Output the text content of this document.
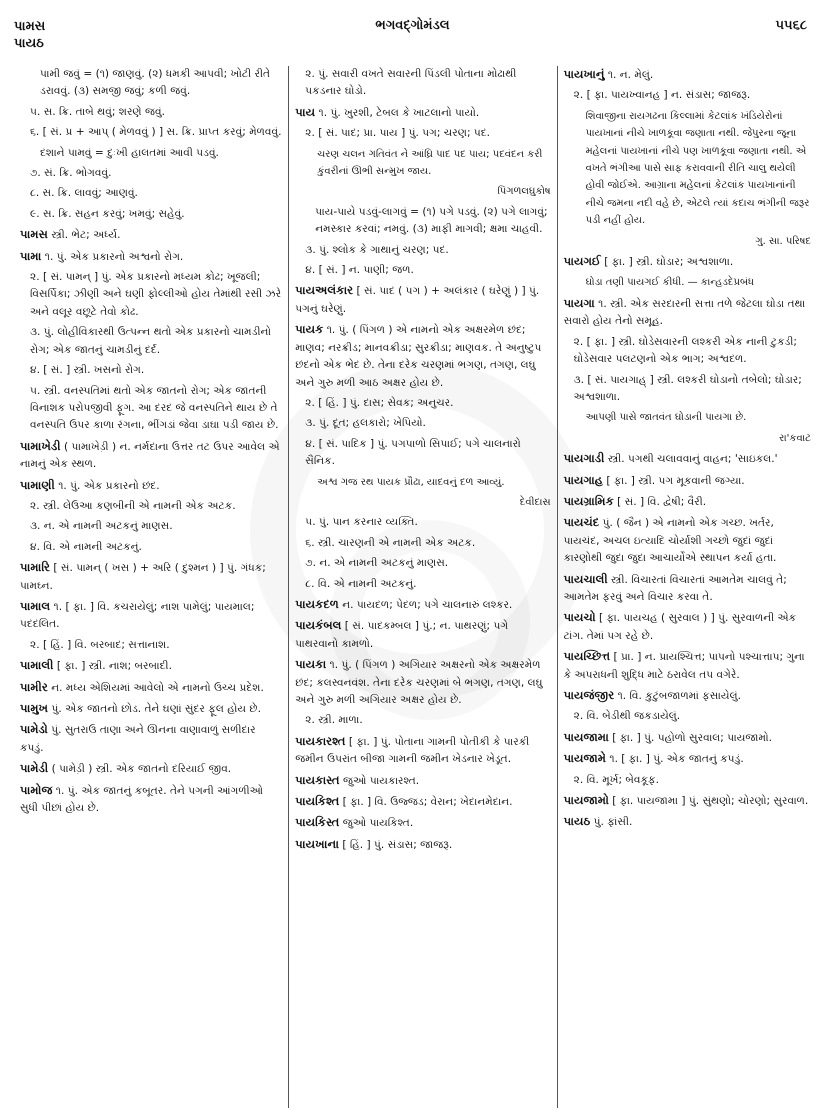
પામસ
પાયઠ
ભગવદ્ગોમંડલ	૫૫૬૮
પામી જવું = (૧) જાણવું. (૨) ધમકી આપવી; ખોટી રીતે ડરાવવું. (૩) સમજી જવું; કળી જવું.
૫. સ. ક્રિ. તાબે થવું; શરણે જવું.
૬. [ સં. પ્ર + આપ્ ( મેળવવું ) ] સ. ક્રિ. પ્રાપ્ત કરવું; મેળવવું.
દશાને પામવું = દુઃખી હાલતમાં આવી પડવું.
૭. સં. ક્રિ. ભોગવવું.
૮. સ. ક્રિ. લાવવું; આણવું.
૯. સ. ક્રિ. સહન કરવું; ખમવું; સહેવું.
પામસ સ્ત્રી. ભેટ; અર્ધ્ય.
પામા ૧. પું. એક પ્રકારનો અશ્વનો રોગ.
૨. [ સં. પામન્ ] પું. એક પ્રકારનો મધ્યમ કોઢ; ખૂજલી; વિસર્પિકા; ઝીણી અને ઘણી ફોલ્લીઓ હોય તેમાંથી રસી ઝરે અને વલૂર વછૂટે તેવો કોઢ.
૩. પું. લોહીવિકારથી ઉત્પન્ન થતો એક પ્રકારનો ચામડીનો રોગ; એક જાતનું ચામડીનું દર્દ.
૪. [ સં. ] સ્ત્રી. ખસનો રોગ.
૫. સ્ત્રી. વનસ્પતિમાં થતો એક જાતનો રોગ; એક જાતની વિનાશક પરોપજીવી ફૂગ. આ દરદ જે વનસ્પતિને થાય છે તે વનસ્પતિ ઉપર કાળા રંગના, ભીંગડાં જેવા ડાઘા પડી જાય છે.
પામાખેડી ( પામાખેડ઼ી ) ન. નર્મદાના ઉત્તર તટ ઉપર આવેલ એ નામનું એક સ્થળ.
પામાણી ૧. પું. એક પ્રકારનો છંદ.
૨. સ્ત્રી. લેઉઆ કણબીની એ નામની એક અટક.
૩. ન. એ નામની અટકનું માણસ.
૪. વિ. એ નામની અટકનું.
પામારિ [ સં. પામન્ ( ખસ ) + અરિ ( દુશ્મન ) ] પું. ગંધક; પામઘ્ન.
પામાલ ૧. [ ફા. ] વિ. કચરાયેલું; નાશ પામેલું; પાયમાલ; પદદલિત.
૨. [ હિં. ] વિ. બરબાદ; સત્તાનાશ.
પામાલી [ ફા. ] સ્ત્રી. નાશ; બરબાદી.
પામીર ન. મધ્ય એશિયમાં આવેલો એ નામનો ઉચ્ચ પ્રદેશ.
પામુખ પું. એક જાતનો છોડ. તેને ઘણાં સુંદર ફૂલ હોય છે.
પામેડો પું. સુતરાઉ તાણા અને ઊનના વાણાવાળું સળીદાર કપડું.
પામેડી ( પામેડ઼ી ) સ્ત્રી. એક જાતનો દરિયાઈ જીવ.
પામોજ ૧. પું. એક જાતનું કબૂતર. તેને પગની આંગળીઓ સુધી પીછાં હોય છે.
૨. પું. સવારી વખતે સવારની પિંડલી પોતાના મોઢાથી પકડનાર ઘોડો.
પાય ૧. પું. ખુરશી, ટેબલ કે ખાટલાનો પાયો.
૨. [ સં. પાદ; પ્રા. પાય ] પું. પગ; ચરણ; પદ.
ચરણ ચલન ગતિવંત ને આંઘ્રિ પાદ પદ પાય; પદવંદન કરી કુંવરીનાં ઊભી સન્મુખ જાય.
પિંગળલઘુકોષ
પાય-પાયે પડવું-લાગવું = (૧) પગે પડવું. (૨) પગે લાગવું; નમસ્કાર કરવાં; નમવું. (૩) માફી માગવી; ક્ષમા ચાહવી.
૩. પું. શ્લોક કે ગાથાનું ચરણ; પદ.
૪. [ સં. ] ન. પાણી; જળ.
પાયઅલંકાર [ સં. પાદ ( પગ ) + અલંકાર ( ઘરેણું ) ] પું. પગનું ઘરેણું.
પાયક ૧. પું. ( પિંગળ ) એ નામનો એક અક્ષરમેળ છંદ; માણવ; નરક્રીડ; માનવક્રીડા; સુરક્રીડા; માણવક. તે અનુષ્ટુપ છંદનો એક ભેદ છે. તેના દરેક ચરણમાં ભગણ, તગણ, લઘુ અને ગુરુ મળી આઠ અક્ષર હોય છે.
૨. [ હિં. ] પું. દાસ; સેવક; અનુચર.
૩. પું. દૂત; હલકારો; ખેપિયો.
૪. [ સં. પાદિક ] પું. પગપાળો સિપાઈ; પગે ચાલનારો સૈનિક.
અશ્વ ગજ રથ પાયક પ્રૌઢા, યાદવનું દળ આવ્યું.
દેવીદાસ
૫. પું. પાન કરનાર વ્યક્તિ.
૬. સ્ત્રી. ચારણની એ નામની એક અટક.
૭. ન. એ નામની અટકનું માણસ.
૮. વિ. એ નામની અટકનું.
પાયકદળ ન. પાયદળ; પેદળ; પગે ચાલનારું લશ્કર.
પાયકંબલ [ સં. પાદકમ્બલ ] પું.; ન. પાથરણું; પગે પાથરવાનો કામળો.
પાયકા ૧. પું. ( પિંગળ ) અગિયાર અક્ષરનો એક અક્ષરમેળ છંદ; કલસ્વનવંશ. તેના દરેક ચરણમાં બે ભગણ, તગણ, લઘુ અને ગુરુ મળી અગિયાર અક્ષર હોય છે.
૨. સ્ત્રી. માળા.
પાયકારશ્ત [ ફા. ] પું. પોતાના ગામની પોતીકી કે પારકી જમીન ઉપરાંત બીજા ગામની જમીન ખેડનાર ખેડૂત.
પાયકાસ્ત જુઓ પાયકારશ્ત.
પાયકિશ્ત [ ફા. ] વિ. ઉજ્જડ; વેરાન; ખેદાનમેદાન.
પાયકિસ્ત જુઓ પાયકિશ્ત.
પાયખાના [ હિં. ] પું. સંડાસ; જાજરૂ.
પાયખાનું ૧. ન. મેલું.
૨. [ ફા. પાયખ્વાનહ ] ન. સંડાસ; જાજરૂ.
શિવાજીના રાયગઢના કિલ્લામાં કેટલાંક ખંડિયેરોનાં પાયખાનાં નીચે ખાળકૂવા જણાતા નથી. જેપુરના જૂના મહેલનાં પાયખાનાં નીચે પણ ખાળકૂવા જણાતા નથી. એ વખતે ભંગીઆ પાસે સાફ કરાવવાની રીતિ ચાલુ થયેલી હોવી જોઈએ. આગ્રાના મહેલનાં કેટલાંક પાયખાનાંની નીચે જમના નદી વહે છે, એટલે ત્યાં કદાચ ભંગીની જરૂર પડી નહીં હોય.
ગુ. સા. પરિષદ
પાયગઈ [ ફા. ] સ્ત્રી. ઘોડાર; અશ્વશાળા.
ઘોડા તણી પાયગઈ કીધી. — કાન્હડદેપ્રબંધ
પાયગા ૧. સ્ત્રી. એક સરદારની સત્તા તળે જેટલા ઘોડા તથા સવારો હોય તેનો સમૂહ.
૨. [ ફા. ] સ્ત્રી. ઘોડેસવારની લશ્કરી એક નાની ટુકડી; ઘોડેસવાર પલટણનો એક ભાગ; અશ્વદળ.
૩. [ સં. પાયગાહ્ ] સ્ત્રી. લશ્કરી ઘોડાનો તબેલો; ઘોડાર; અશ્વશાળા.
આપણી પાસે જાતવંત ઘોડાની પાયગા છે.
રા'કવાટ
પાયગાડી સ્ત્રી. પગથી ચલાવવાનું વાહન; 'સાઇકલ.'
પાયગાહ [ ફા. ] સ્ત્રી. પગ મૂકવાની જગ્યા.
પાયગ્રામિક [ સં. ] વિ. દ્વેષી; વૈરી.
પાયચંદ પું. ( જૈન ) એ નામનો એક ગચ્છ. ખર્તર, પાયચંદ, અચલ ઇત્યાદિ ચોર્યાશી ગચ્છો જુદાં જુદાં કારણોથી જુદા જુદા આચાર્યોએ સ્થાપન કર્યા હતા.
પાયચાલી સ્ત્રી. વિચારતાં વિચારતાં આમતેમ ચાલવું તે; આમતેમ ફરવું અને વિચાર કરવા તે.
પાયચો [ ફા. પાયચહ ( સુરવાલ ) ] પું. સુરવાળની એક ટાંગ. તેમાં પગ રહે છે.
પાયચ્છિત્ત [ પ્રા. ] ન. પ્રાયશ્ચિત્ત; પાપનો પશ્ચાત્તાપ; ગુના કે અપરાધની શુદ્ધિ માટે ઠરાવેલ તપ વગેરે.
પાયજંજીર ૧. વિ. કુટુંબજાળમાં ફસાયેલું.
૨. વિ. બેડીથી જકડાયેલું.
પાયજામા [ ફા. ] પું. પહોળો સુરવાલ; પાયજામો.
પાયજામે ૧. [ ફા. ] પું. એક જાતનું કપડું.
૨. વિ. મૂર્ખ; બેવકૂફ.
પાયજામો [ ફા. પાયજામા ] પું. સુંથણો; ચોરણો; સુરવાળ.
પાયઠ પું. ફાંસી.
